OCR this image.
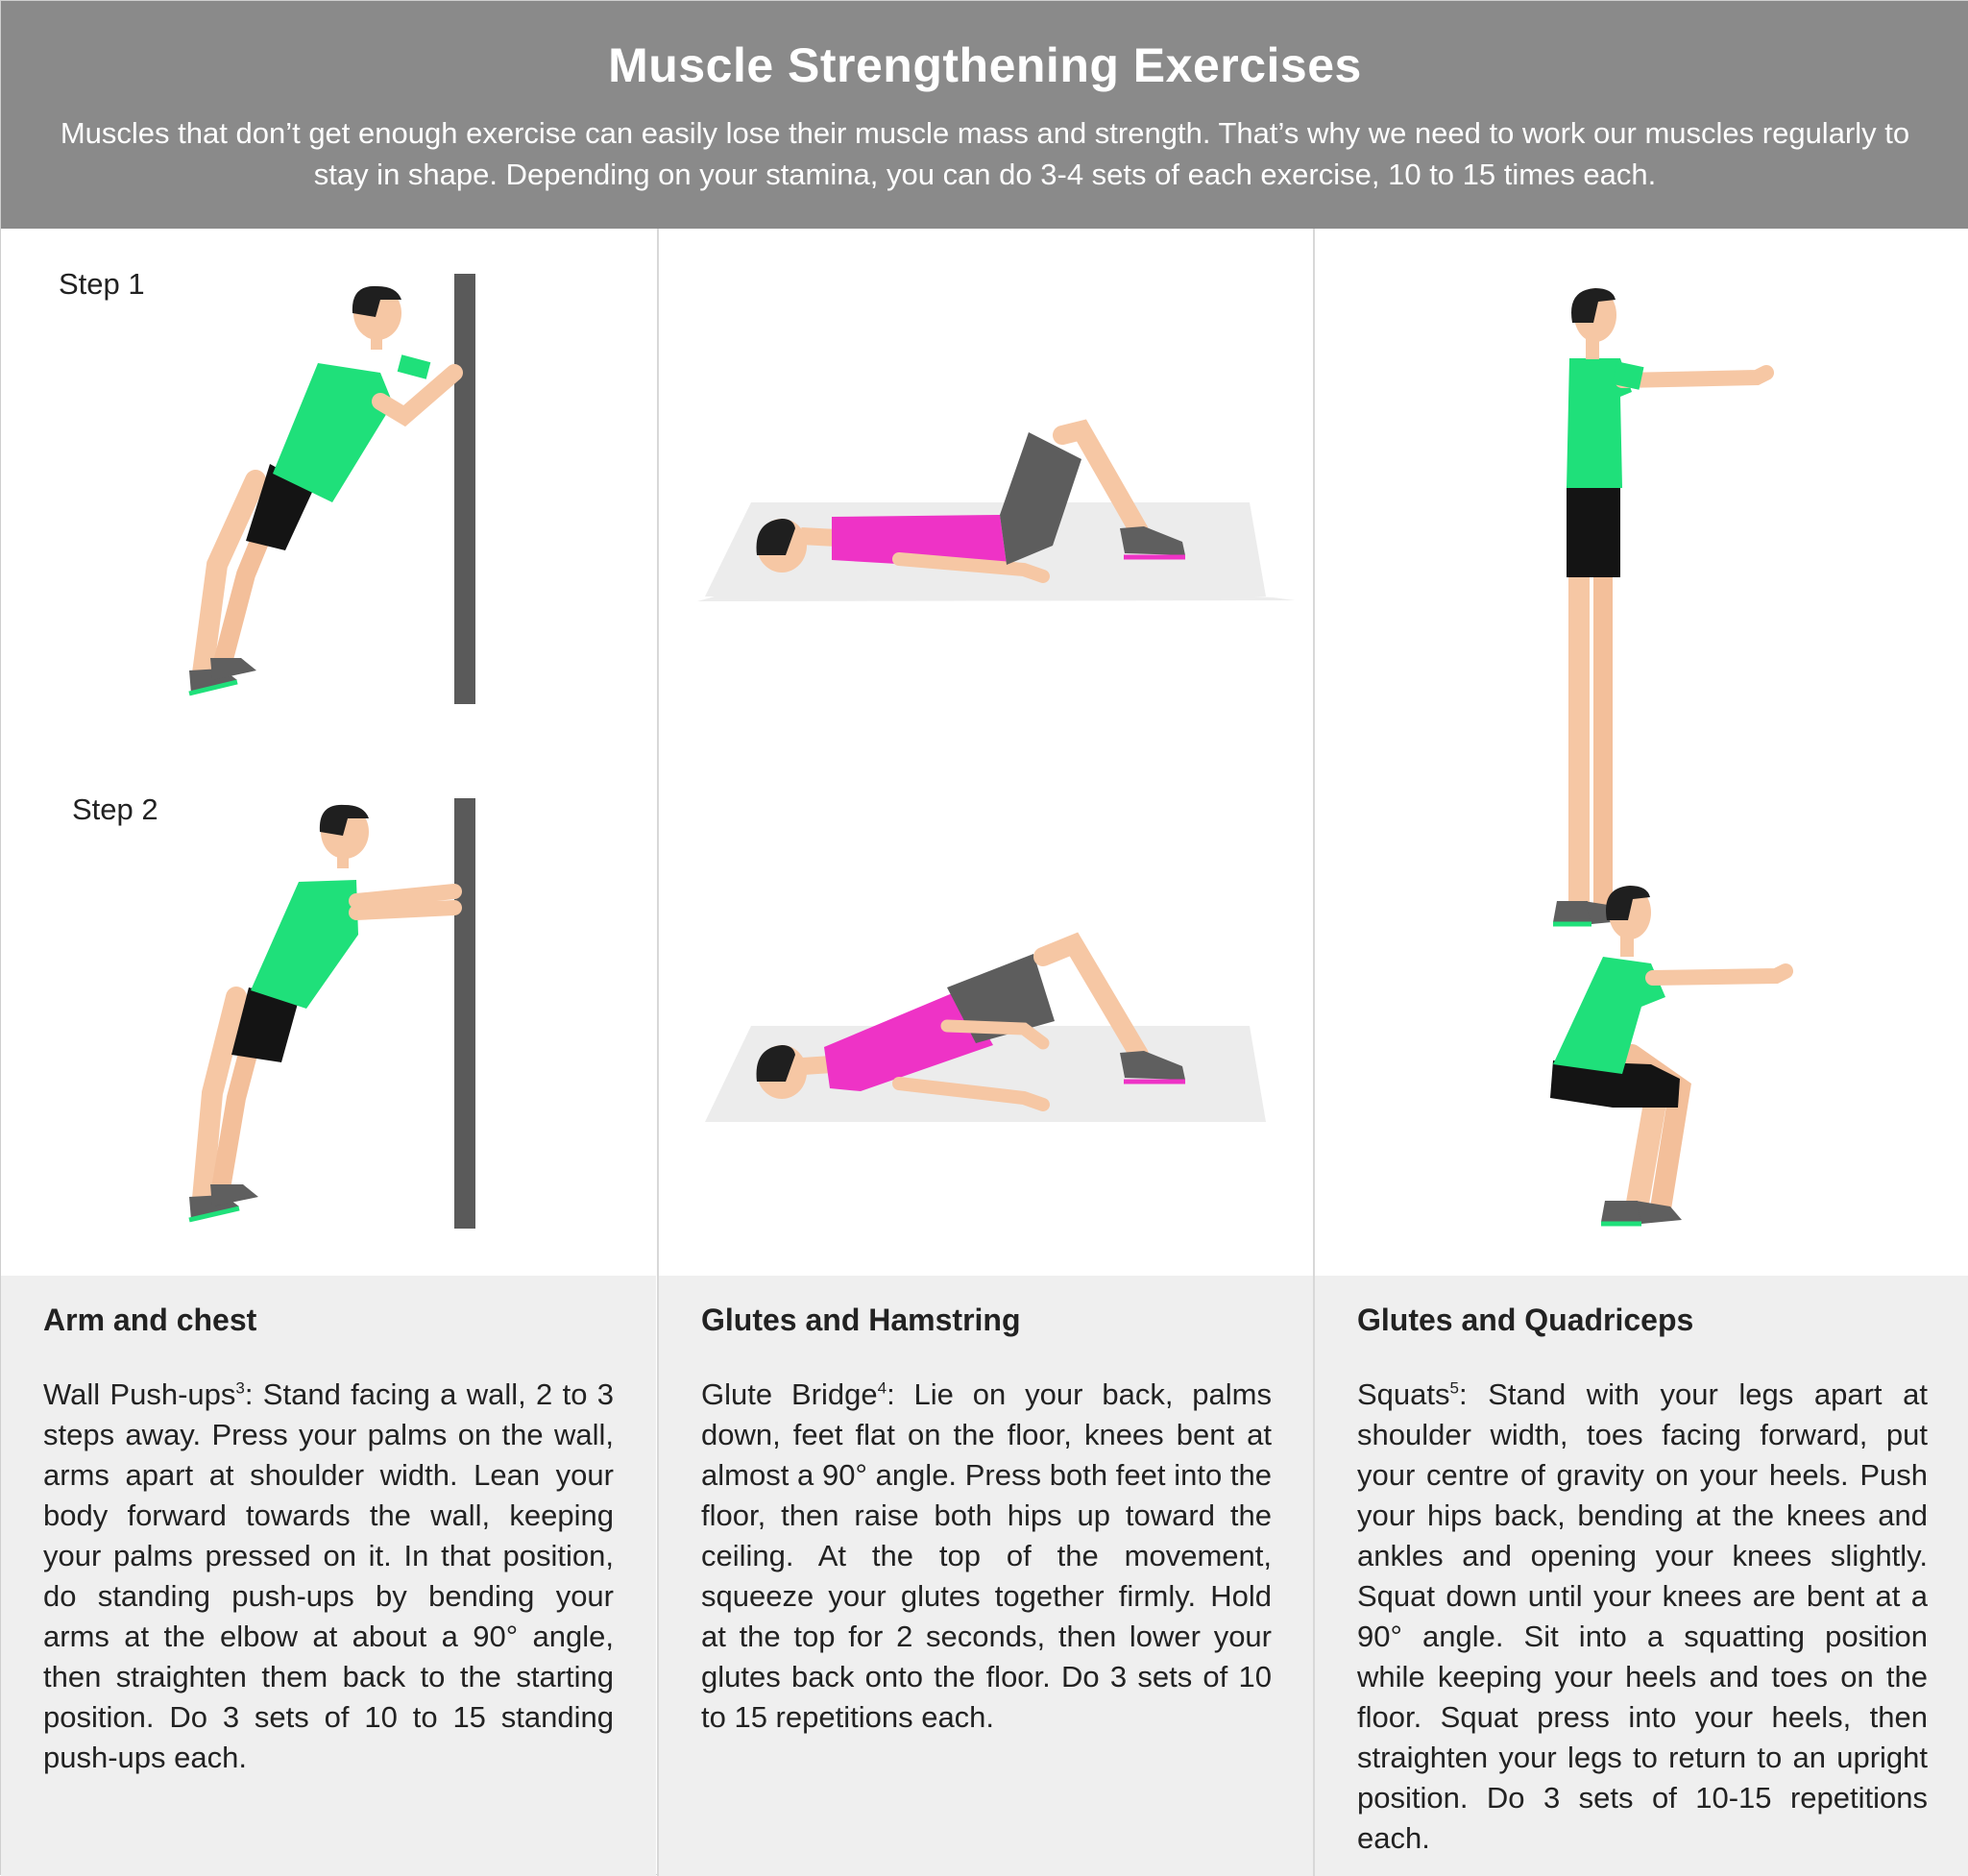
Muscle Strengthening Exercises

Muscles that don’t get enough exercise can easily lose their muscle mass and strength. That’s why we need to work our muscles regularly to stay in shape. Depending on your stamina, you can do 3-4 sets of each exercise, 10 to 15 times each.

Step 1
Step 2
Arm and chest
Wall Push-ups$^3$: Stand facing a wall, 2 to 3 steps away. Press your palms on the wall, arms apart at shoulder width. Lean your body forward towards the wall, keeping your palms pressed on it. In that position, do standing push-ups by bending your arms at the elbow at about a 90° angle, then straighten them back to the starting position. Do 3 sets of 10 to 15 standing push-ups each.
Glutes and Hamstring
Glute Bridge$^4$: Lie on your back, palms down, feet flat on the floor, knees bent at almost a 90° angle. Press both feet into the floor, then raise both hips up toward the ceiling. At the top of the movement, squeeze your glutes together firmly. Hold at the top for 2 seconds, then lower your glutes back onto the floor. Do 3 sets of 10 to 15 repetitions each.
Glutes and Quadriceps
Squats$^5$: Stand with your legs apart at shoulder width, toes facing forward, put your centre of gravity on your heels. Push your hips back, bending at the knees and ankles and opening your knees slightly. Squat down until your knees are bent at a 90° angle. Sit into a squatting position while keeping your heels and toes on the floor. Squat press into your heels, then straighten your legs to return to an upright position. Do 3 sets of 10-15 repetitions each.
